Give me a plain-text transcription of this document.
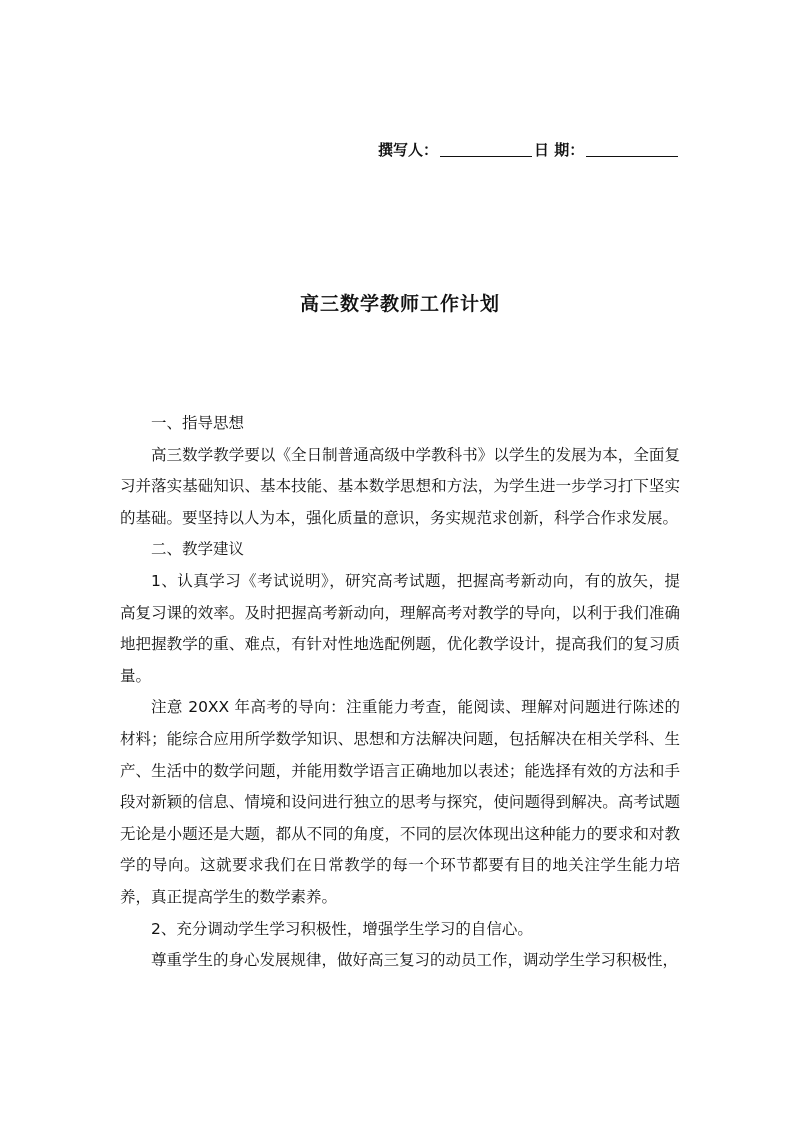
撰写人：	日 期：
高三数学教师工作计划

一、指导思想

高三数学教学要以《全日制普通高级中学教科书》以学生的发展为本，全面复习并落实基础知识、基本技能、基本数学思想和方法，为学生进一步学习打下坚实的基础。要坚持以人为本，强化质量的意识，务实规范求创新，科学合作求发展。

二、教学建议

1、认真学习《考试说明》，研究高考试题，把握高考新动向，有的放矢，提高复习课的效率。及时把握高考新动向，理解高考对教学的导向，以利于我们准确地把握教学的重、难点，有针对性地选配例题，优化教学设计，提高我们的复习质量。

注意 20XX 年高考的导向：注重能力考查，能阅读、理解对问题进行陈述的材料；能综合应用所学数学知识、思想和方法解决问题，包括解决在相关学科、生产、生活中的数学问题，并能用数学语言正确地加以表述；能选择有效的方法和手段对新颖的信息、情境和设问进行独立的思考与探究，使问题得到解决。高考试题无论是小题还是大题，都从不同的角度，不同的层次体现出这种能力的要求和对教学的导向。这就要求我们在日常教学的每一个环节都要有目的地关注学生能力培养，真正提高学生的数学素养。

2、充分调动学生学习积极性，增强学生学习的自信心。

尊重学生的身心发展规律，做好高三复习的动员工作，调动学生学习积极性，
